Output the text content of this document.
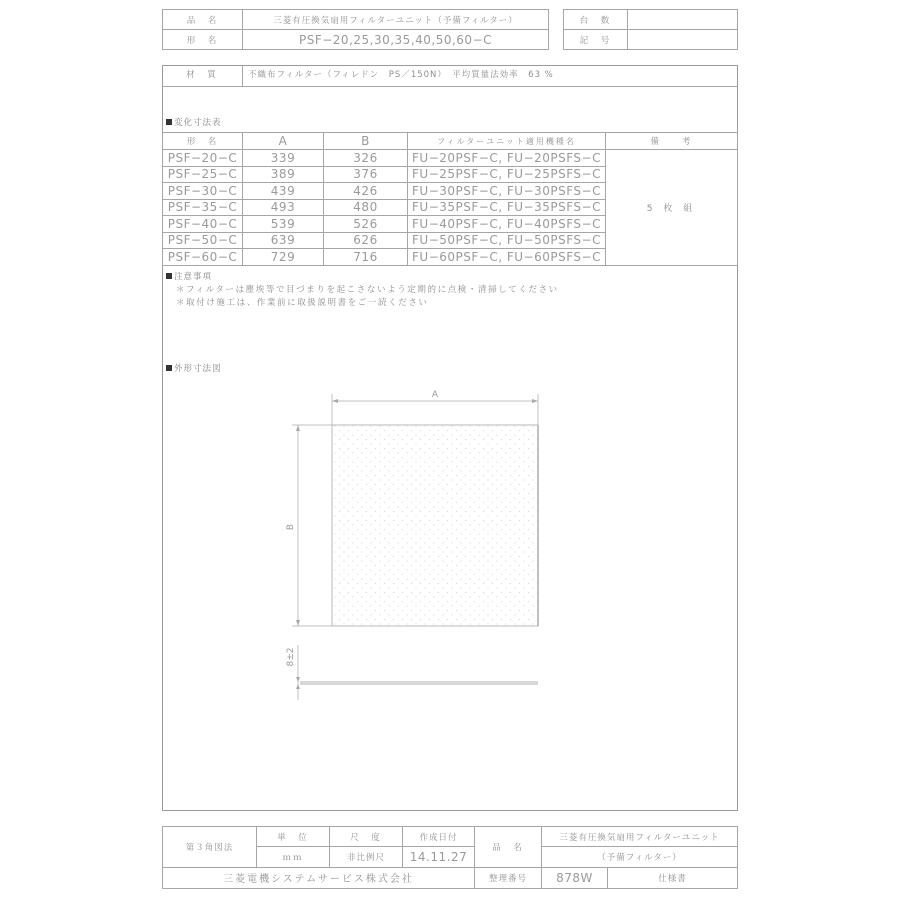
品　名	三菱有圧換気扇用フィルターユニット（予備フィルター）
形　名	PSF−20,25,30,35,40,50,60−C
台　数	
記　号	
材　質	不織布フィルター（フィレドン　PS／150N）　平均質量法効率　63 %
変化寸法表
形　名	A	B	フィルターユニット適用機種名	備　　考
PSF−20−C	339	326	FU−20PSF−C, FU−20PSFS−C	5 枚 組
PSF−25−C	389	376	FU−25PSF−C, FU−25PSFS−C	
PSF−30−C	439	426	FU−30PSF−C, FU−30PSFS−C	
PSF−35−C	493	480	FU−35PSF−C, FU−35PSFS−C	
PSF−40−C	539	526	FU−40PSF−C, FU−40PSFS−C	
PSF−50−C	639	626	FU−50PSF−C, FU−50PSFS−C	
PSF−60−C	729	716	FU−60PSF−C, FU−60PSFS−C	
注意事項
＊フィルターは塵埃等で目づまりを起こさないよう定期的に点検・清掃してください
＊取付け施工は、作業前に取扱説明書をご一読ください
外形寸法図
A
B
8±2
第３角図法	単　位	尺　度	作成日付	品　名	三菱有圧換気扇用フィルターユニット	
	ｍｍ	非比例尺	14.11.27		（予備フィルター）	
三菱電機システムサービス株式会社				整理番号	878W	仕様書
